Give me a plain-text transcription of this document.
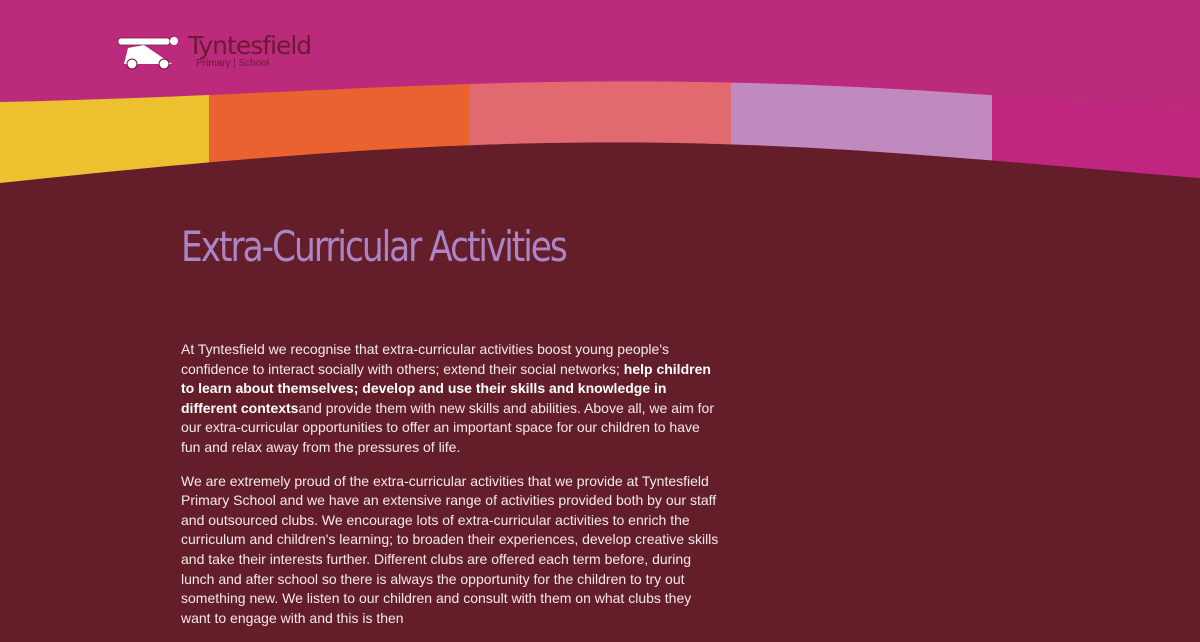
Tyntesfield
Primary | School
Extra-Curricular Activities

At Tyntesfield we recognise that extra-curricular activities boost young people's confidence to interact socially with others; extend their social networks; help children to learn about themselves; develop and use their skills and knowledge in different contextsand provide them with new skills and abilities. Above all, we aim for our extra-curricular opportunities to offer an important space for our children to have fun and relax away from the pressures of life.

We are extremely proud of the extra-curricular activities that we provide at Tyntesfield Primary School and we have an extensive range of activities provided both by our staff and outsourced clubs. We encourage lots of extra-curricular activities to enrich the curriculum and children's learning; to broaden their experiences, develop creative skills and take their interests further. Different clubs are offered each term before, during lunch and after school so there is always the opportunity for the children to try out something new. We listen to our children and consult with them on what clubs they want to engage with and this is then
